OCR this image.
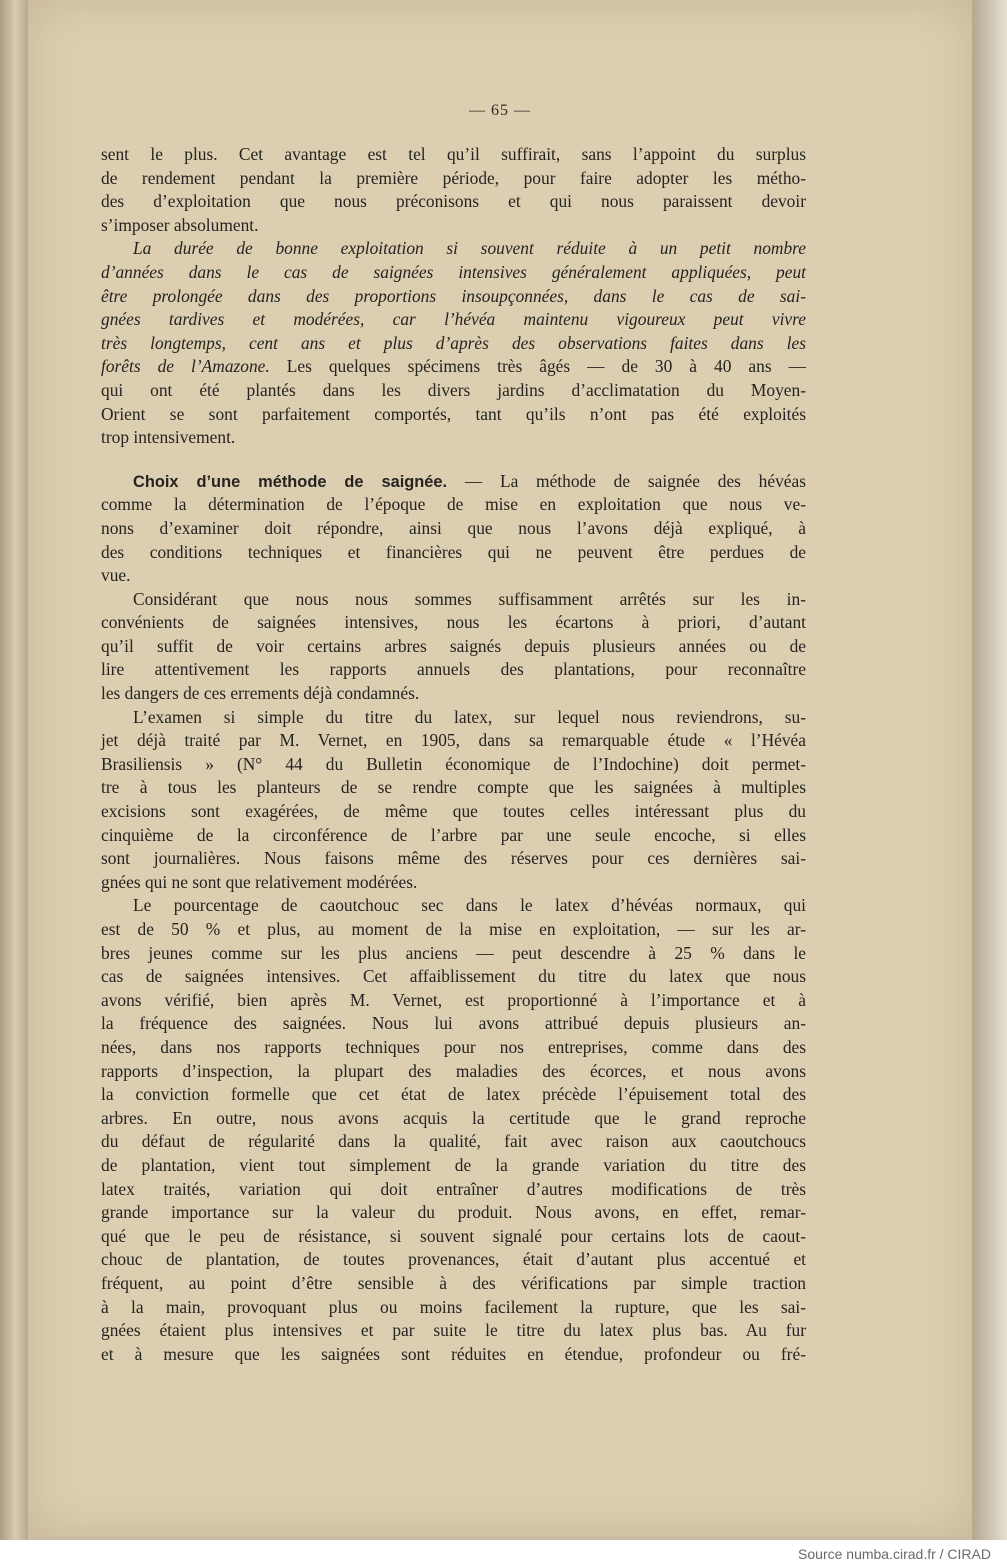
— 65 —
sent le plus. Cet avantage est tel qu’il suffirait, sans l’appoint du surplus
de rendement pendant la première période, pour faire adopter les métho-
des d’exploitation que nous préconisons et qui nous paraissent devoir
s’imposer absolument.
La durée de bonne exploitation si souvent réduite à un petit nombre
d’années dans le cas de saignées intensives généralement appliquées, peut
être prolongée dans des proportions insoupçonnées, dans le cas de sai-
gnées tardives et modérées, car l’hévéa maintenu vigoureux peut vivre
très longtemps, cent ans et plus d’après des observations faites dans les
forêts de l’Amazone. Les quelques spécimens très âgés — de 30 à 40 ans —
qui ont été plantés dans les divers jardins d’acclimatation du Moyen-
Orient se sont parfaitement comportés, tant qu’ils n’ont pas été exploités
trop intensivement.
Choix d’une méthode de saignée. — La méthode de saignée des hévéas
comme la détermination de l’époque de mise en exploitation que nous ve-
nons d’examiner doit répondre, ainsi que nous l’avons déjà expliqué, à
des conditions techniques et financières qui ne peuvent être perdues de
vue.
Considérant que nous nous sommes suffisamment arrêtés sur les in-
convénients de saignées intensives, nous les écartons à priori, d’autant
qu’il suffit de voir certains arbres saignés depuis plusieurs années ou de
lire attentivement les rapports annuels des plantations, pour reconnaître
les dangers de ces errements déjà condamnés.
L’examen si simple du titre du latex, sur lequel nous reviendrons, su-
jet déjà traité par M. Vernet, en 1905, dans sa remarquable étude « l’Hévéa
Brasiliensis » (N° 44 du Bulletin économique de l’Indochine) doit permet-
tre à tous les planteurs de se rendre compte que les saignées à multiples
excisions sont exagérées, de même que toutes celles intéressant plus du
cinquième de la circonférence de l’arbre par une seule encoche, si elles
sont journalières. Nous faisons même des réserves pour ces dernières sai-
gnées qui ne sont que relativement modérées.
Le pourcentage de caoutchouc sec dans le latex d’hévéas normaux, qui
est de 50 % et plus, au moment de la mise en exploitation, — sur les ar-
bres jeunes comme sur les plus anciens — peut descendre à 25 % dans le
cas de saignées intensives. Cet affaiblissement du titre du latex que nous
avons vérifié, bien après M. Vernet, est proportionné à l’importance et à
la fréquence des saignées. Nous lui avons attribué depuis plusieurs an-
nées, dans nos rapports techniques pour nos entreprises, comme dans des
rapports d’inspection, la plupart des maladies des écorces, et nous avons
la conviction formelle que cet état de latex précède l’épuisement total des
arbres. En outre, nous avons acquis la certitude que le grand reproche
du défaut de régularité dans la qualité, fait avec raison aux caoutchoucs
de plantation, vient tout simplement de la grande variation du titre des
latex traités, variation qui doit entraîner d’autres modifications de très
grande importance sur la valeur du produit. Nous avons, en effet, remar-
qué que le peu de résistance, si souvent signalé pour certains lots de caout-
chouc de plantation, de toutes provenances, était d’autant plus accentué et
fréquent, au point d’être sensible à des vérifications par simple traction
à la main, provoquant plus ou moins facilement la rupture, que les sai-
gnées étaient plus intensives et par suite le titre du latex plus bas. Au fur
et à mesure que les saignées sont réduites en étendue, profondeur ou fré-
Source numba.cirad.fr / CIRAD
